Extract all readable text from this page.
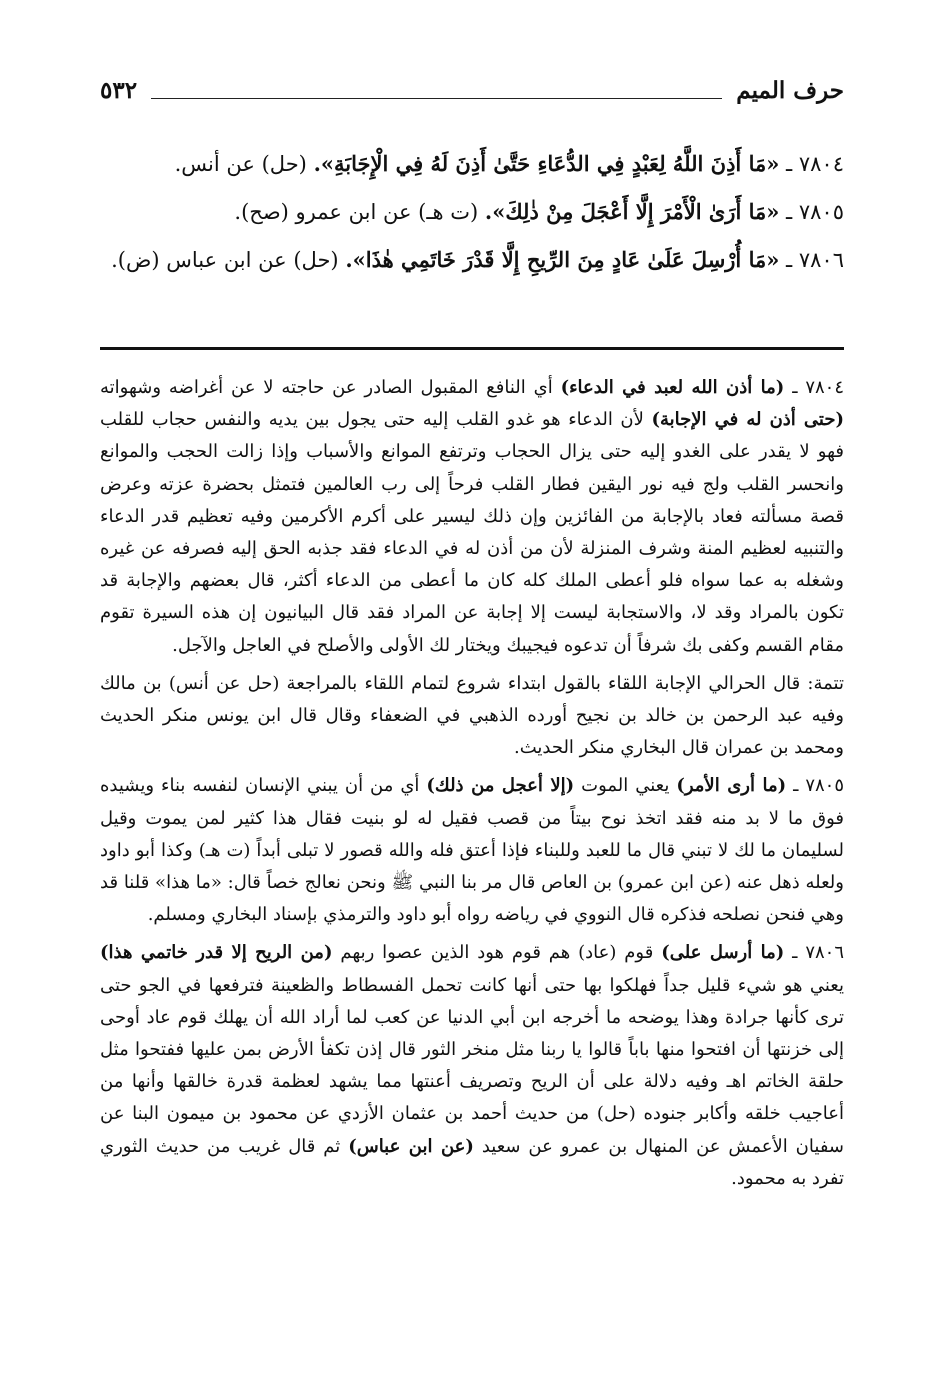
حرف الميم
٥٣٢

٧٨٠٤ ـ «مَا أَذِنَ اللَّهُ لِعَبْدٍ فِي الدُّعَاءِ حَتَّىٰ أَذِنَ لَهُ فِي الْإِجَابَةِ». (حل) عن أنس.

٧٨٠٥ ـ «مَا أَرَىٰ الْأَمْرَ إِلَّا أَعْجَلَ مِنْ ذٰلِكَ». (ت هـ) عن ابن عمرو (صح).

٧٨٠٦ ـ «مَا أُرْسِلَ عَلَىٰ عَادٍ مِنَ الرِّيحِ إِلَّا قَدْرَ خَاتَمِي هٰذَا». (حل) عن ابن عباس (ض).

٧٨٠٤ ـ (ما أذن الله لعبد في الدعاء) أي النافع المقبول الصادر عن حاجته لا عن أغراضه وشهواته (حتى أذن له في الإجابة) لأن الدعاء هو غدو القلب إليه حتى يجول بين يديه والنفس حجاب للقلب فهو لا يقدر على الغدو إليه حتى يزال الحجاب وترتفع الموانع والأسباب وإذا زالت الحجب والموانع وانحسر القلب ولج فيه نور اليقين فطار القلب فرحاً إلى رب العالمين فتمثل بحضرة عزته وعرض قصة مسألته فعاد بالإجابة من الفائزين وإن ذلك ليسير على أكرم الأكرمين وفيه تعظيم قدر الدعاء والتنبيه لعظيم المنة وشرف المنزلة لأن من أذن له في الدعاء فقد جذبه الحق إليه فصرفه عن غيره وشغله به عما سواه فلو أعطى الملك كله كان ما أعطى من الدعاء أكثر، قال بعضهم والإجابة قد تكون بالمراد وقد لا، والاستجابة ليست إلا إجابة عن المراد فقد قال البيانيون إن هذه السيرة تقوم مقام القسم وكفى بك شرفاً أن تدعوه فيجيبك ويختار لك الأولى والأصلح في العاجل والآجل.

تتمة: قال الحرالي الإجابة اللقاء بالقول ابتداء شروع لتمام اللقاء بالمراجعة (حل عن أنس) بن مالك وفيه عبد الرحمن بن خالد بن نجيح أورده الذهبي في الضعفاء وقال قال ابن يونس منكر الحديث ومحمد بن عمران قال البخاري منكر الحديث.

٧٨٠٥ ـ (ما أرى الأمر) يعني الموت (إلا أعجل من ذلك) أي من أن يبني الإنسان لنفسه بناء ويشيده فوق ما لا بد منه فقد اتخذ نوح بيتاً من قصب فقيل له لو بنيت فقال هذا كثير لمن يموت وقيل لسليمان ما لك لا تبني قال ما للعبد وللبناء فإذا أعتق فله والله قصور لا تبلى أبداً (ت هـ) وكذا أبو داود ولعله ذهل عنه (عن ابن عمرو) بن العاص قال مر بنا النبي ﷺ ونحن نعالج خصاً قال: «ما هذا» قلنا قد وهي فنحن نصلحه فذكره قال النووي في رياضه رواه أبو داود والترمذي بإسناد البخاري ومسلم.

٧٨٠٦ ـ (ما أرسل على) قوم (عاد) هم قوم هود الذين عصوا ربهم (من الريح إلا قدر خاتمي هذا) يعني هو شيء قليل جداً فهلكوا بها حتى أنها كانت تحمل الفسطاط والظعينة فترفعها في الجو حتى ترى كأنها جرادة وهذا يوضحه ما أخرجه ابن أبي الدنيا عن كعب لما أراد الله أن يهلك قوم عاد أوحى إلى خزنتها أن افتحوا منها باباً قالوا يا ربنا مثل منخر الثور قال إذن تكفأ الأرض بمن عليها ففتحوا مثل حلقة الخاتم اهـ وفيه دلالة على أن الريح وتصريف أعنتها مما يشهد لعظمة قدرة خالقها وأنها من أعاجيب خلقه وأكابر جنوده (حل) من حديث أحمد بن عثمان الأزدي عن محمود بن ميمون البنا عن سفيان الأعمش عن المنهال بن عمرو عن سعيد (عن ابن عباس) ثم قال غريب من حديث الثوري تفرد به محمود.
